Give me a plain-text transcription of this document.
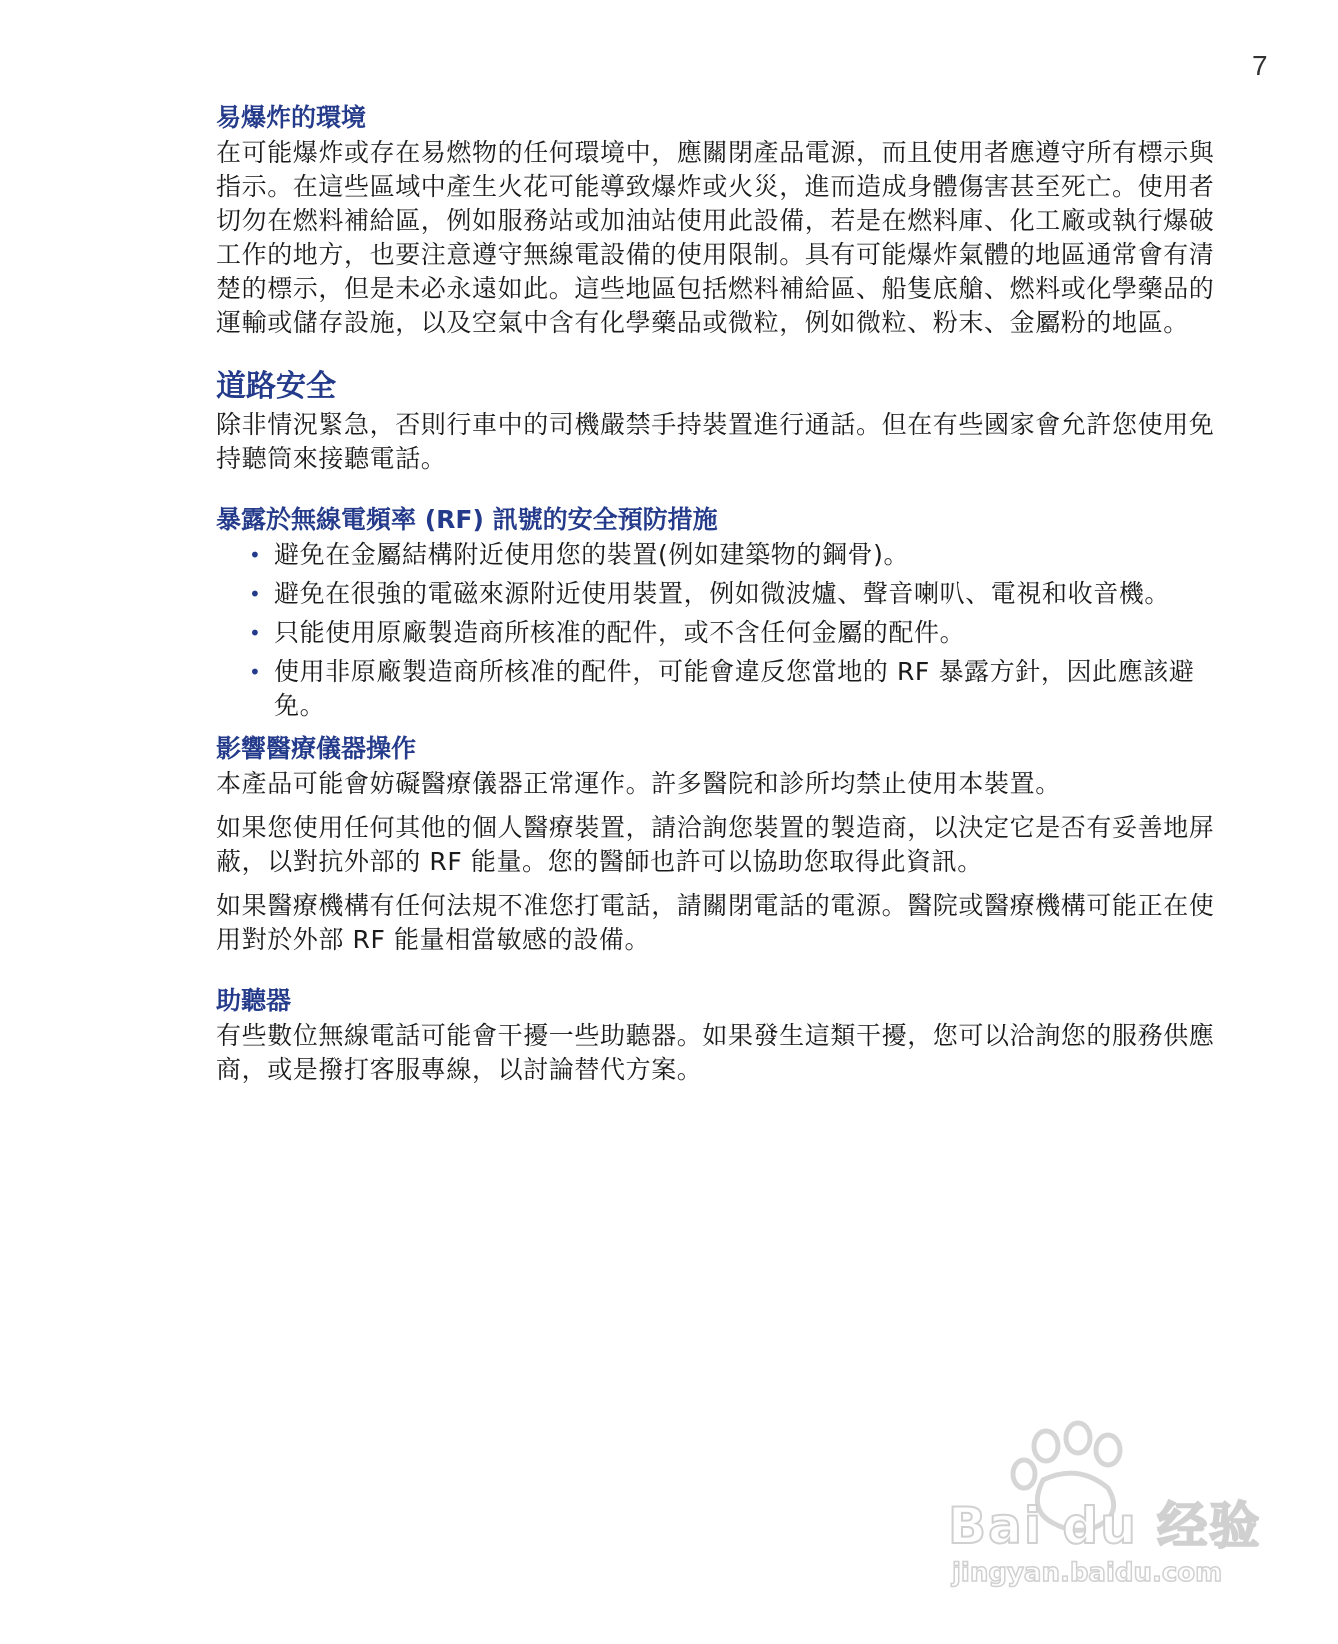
7
易爆炸的環境

在可能爆炸或存在易燃物的任何環境中，應關閉產品電源，而且使用者應遵守所有標示與指示。在這些區域中產生火花可能導致爆炸或火災，進而造成身體傷害甚至死亡。使用者切勿在燃料補給區，例如服務站或加油站使用此設備，若是在燃料庫、化工廠或執行爆破工作的地方，也要注意遵守無線電設備的使用限制。具有可能爆炸氣體的地區通常會有清楚的標示，但是未必永遠如此。這些地區包括燃料補給區、船隻底艙、燃料或化學藥品的運輸或儲存設施，以及空氣中含有化學藥品或微粒，例如微粒、粉末、金屬粉的地區。

道路安全

除非情況緊急，否則行車中的司機嚴禁手持裝置進行通話。但在有些國家會允許您使用免持聽筒來接聽電話。

暴露於無線電頻率 (RF) 訊號的安全預防措施
• 避免在金屬結構附近使用您的裝置(例如建築物的鋼骨)。
• 避免在很強的電磁來源附近使用裝置，例如微波爐、聲音喇叭、電視和收音機。
• 只能使用原廠製造商所核准的配件，或不含任何金屬的配件。
• 使用非原廠製造商所核准的配件，可能會違反您當地的 RF 暴露方針，因此應該避免。
影響醫療儀器操作

本產品可能會妨礙醫療儀器正常運作。許多醫院和診所均禁止使用本裝置。

如果您使用任何其他的個人醫療裝置，請洽詢您裝置的製造商，以決定它是否有妥善地屏蔽，以對抗外部的 RF 能量。您的醫師也許可以協助您取得此資訊。

如果醫療機構有任何法規不准您打電話，請關閉電話的電源。醫院或醫療機構可能正在使用對於外部 RF 能量相當敏感的設備。

助聽器

有些數位無線電話可能會干擾一些助聽器。如果發生這類干擾，您可以洽詢您的服務供應商，或是撥打客服專線，以討論替代方案。

Bai du 经验
jingyan.baidu.com
